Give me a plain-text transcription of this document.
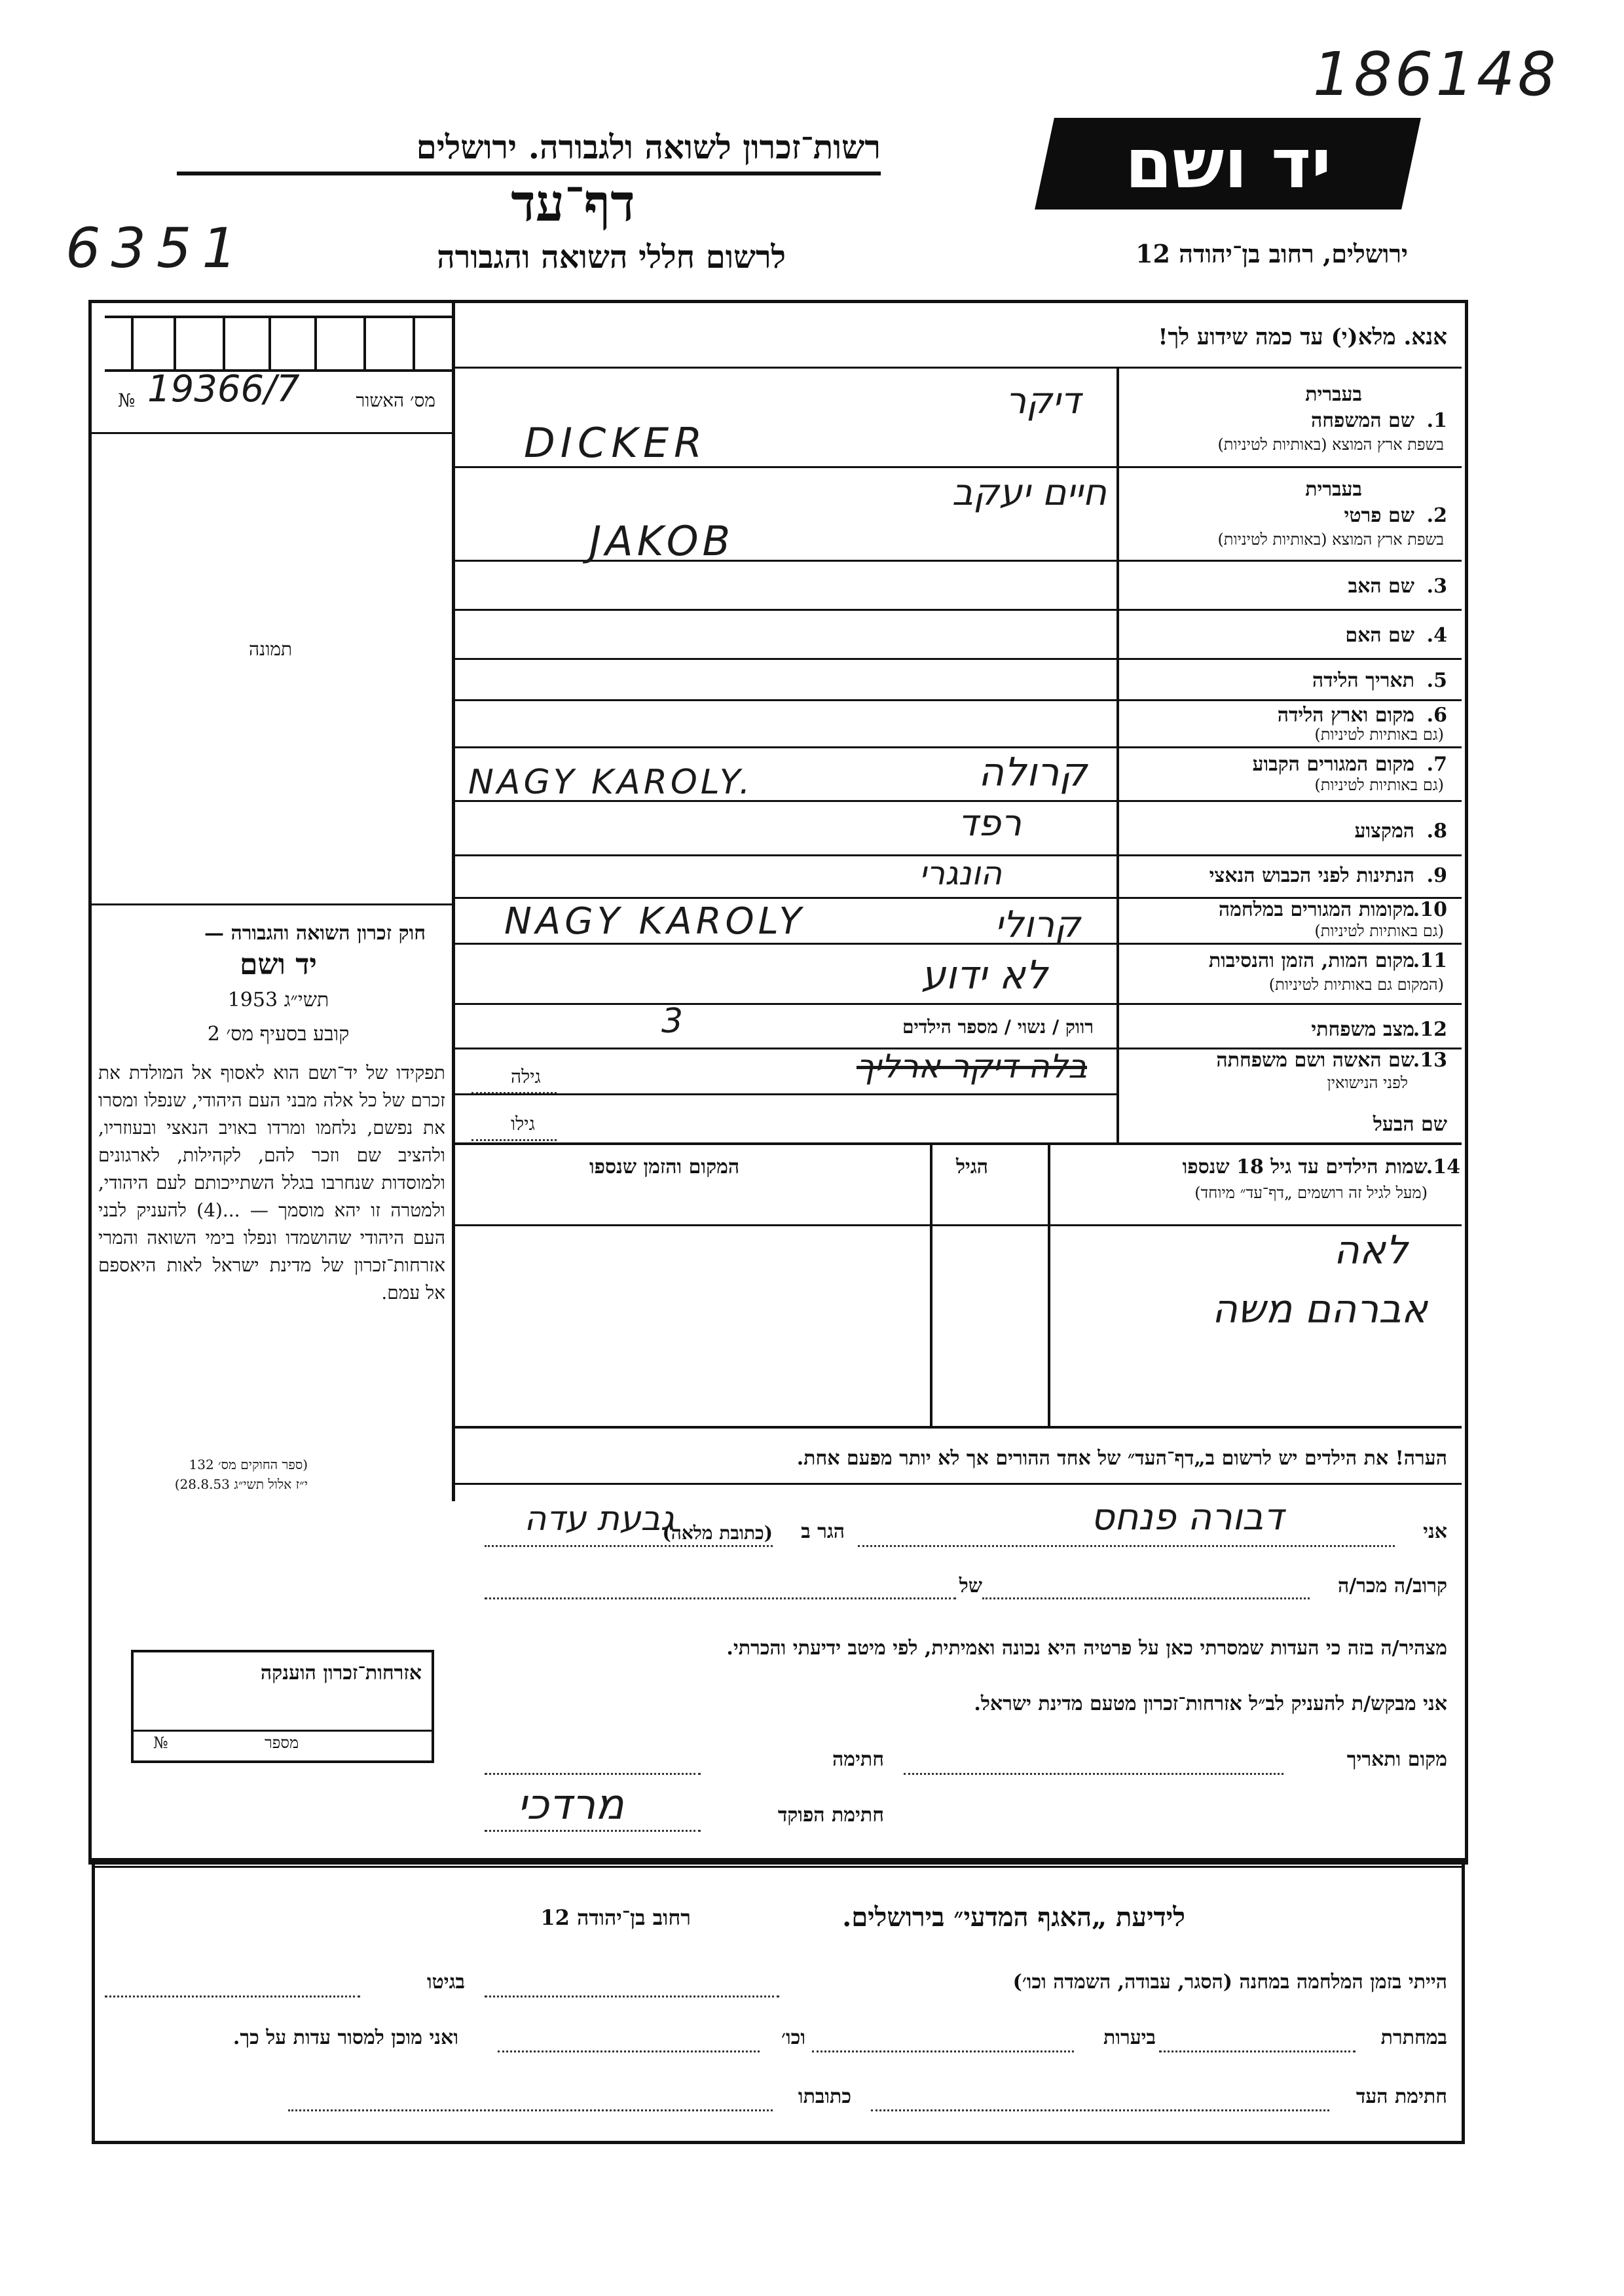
186148
6351
יד ושם
רשות־זכרון לשואה ולגבורה. ירושלים
דף־עד
לרשום חללי השואה והגבורה	ירושלים, רחוב בן־יהודה 12
מס׳ האשור
№ 19366/7
תמונה
אנא. מלא(י) עד כמה שידוע לך!
בעברית
1.
שם המשפחה
בשפת ארץ המוצא (באותיות לטיניות)
דיקר
DICKER
בעברית
2.
שם פרטי
בשפת ארץ המוצא (באותיות לטיניות)
חיים יעקב
JAKOB
3.
שם האב
4.
שם האם
5.
תאריך הלידה
6.
מקום וארץ הלידה
(גם באותיות לטיניות)
7.
מקום המגורים הקבוע
(גם באותיות לטיניות)
קרולה
NAGY KAROLY.
8.
המקצוע
רפד
9.
הנתינות לפני הכבוש הנאצי
הונגרי
10.
מקומות המגורים במלחמה
(גם באותיות לטיניות)
קרולי
NAGY KAROLY
11.
מקום המות, הזמן והנסיבות
(המקום גם באותיות לטיניות)
לא ידוע
12.
מצב משפחתי
רווק / נשוי / מספר הילדים
3
13.
שם האשה ושם משפחתה
לפני הנישואין
גילה	בלה דיקר ארליך
שם הבעל
גילו
חוק זכרון השואה והגבורה —
יד ושם
תשי״ג 1953
קובע בסעיף מס׳ 2
תפקידו של יד־ושם הוא לאסוף אל המולדת את זכרם של כל אלה מבני העם היהודי, שנפלו ומסרו את נפשם, נלחמו ומרדו באויב הנאצי ובעוזריו, ולהציב שם וזכר להם, לקהילות, לארגונים ולמוסדות שנחרבו בגלל השתייכותם לעם היהודי, ולמטרה זו יהא מוסמך — ...(4) להעניק לבני העם היהודי שהושמדו ונפלו בימי השואה והמרי אזרחות־זכרון של מדינת ישראל לאות היאספם אל עמם.
(ספר החוקים מס׳ 132
י״ז אלול תשי״ג 28.8.53)
אזרחות־זכרון הוענקה
מספר
№
14.
שמות הילדים עד גיל 18 שנספו
(מעל לגיל זה רושמים „דף־עד״ מיוחד)
הגיל
המקום והזמן שנספו
לאה
אברהם משה
הערה! את הילדים יש לרשום ב„דף־העד״ של אחד ההורים אך לא יותר מפעם אחת.
אני
דבורה פנחס
הגר ב
(כתובת מלאה)
גבעת עדה
קרוב/ה מכר/ה
של
מצהיר/ה בזה כי העדות שמסרתי כאן על פרטיה היא נכונה ואמיתית, לפי מיטב ידיעתי והכרתי.
אני מבקש/ת להעניק לב״ל אזרחות־זכרון מטעם מדינת ישראל.
מקום ותאריך
חתימה
חתימת הפוקד
מרדכי
לידיעת „האגף המדעי״ בירושלים.
רחוב בן־יהודה 12
הייתי בזמן המלחמה במחנה (הסגר, עבודה, השמדה וכו׳)
בגיטו
במחתרת
ביערות
וכו׳
ואני מוכן למסור עדות על כך.
חתימת העד
כתובתו
